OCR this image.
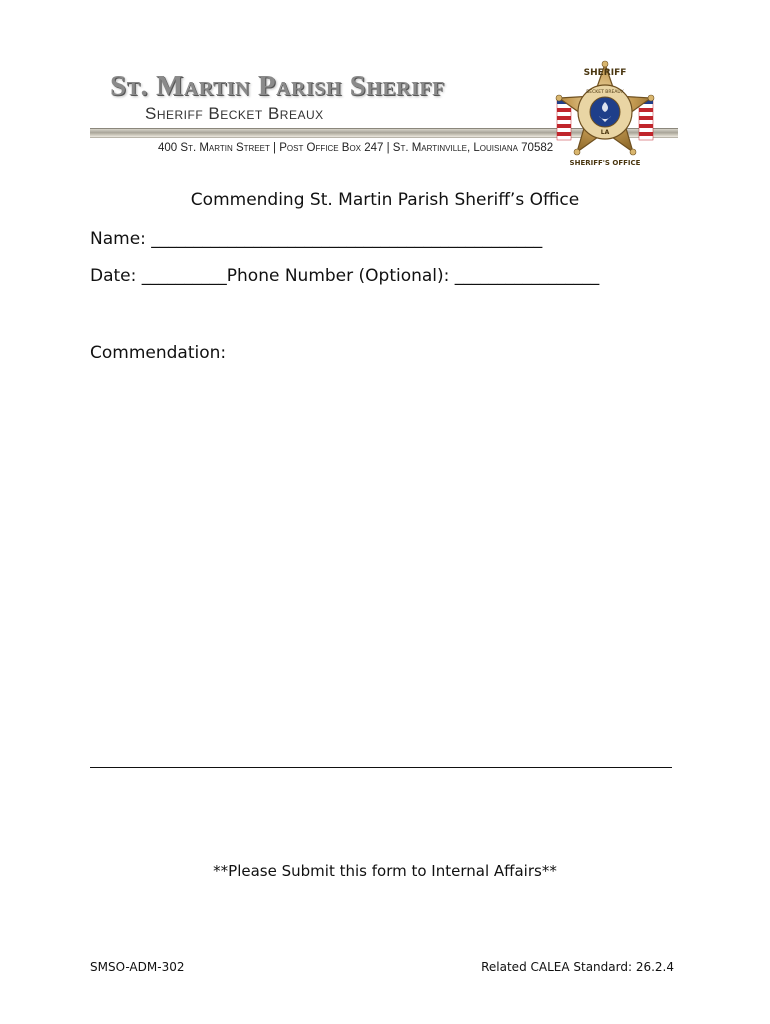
St. Martin Parish Sheriff
Sheriff Becket Breaux
400 St. Martin Street | Post Office Box 247 | St. Martinville, Louisiana 70582
SHERIFF
BECKET BREAUX
LA
SHERIFF'S OFFICE
Commending St. Martin Parish Sheriff’s Office
Name: ______________________________________________
Date: __________Phone Number (Optional): _________________
Commendation:
**Please Submit this form to Internal Affairs**
SMSO-ADM-302	Related CALEA Standard: 26.2.4
